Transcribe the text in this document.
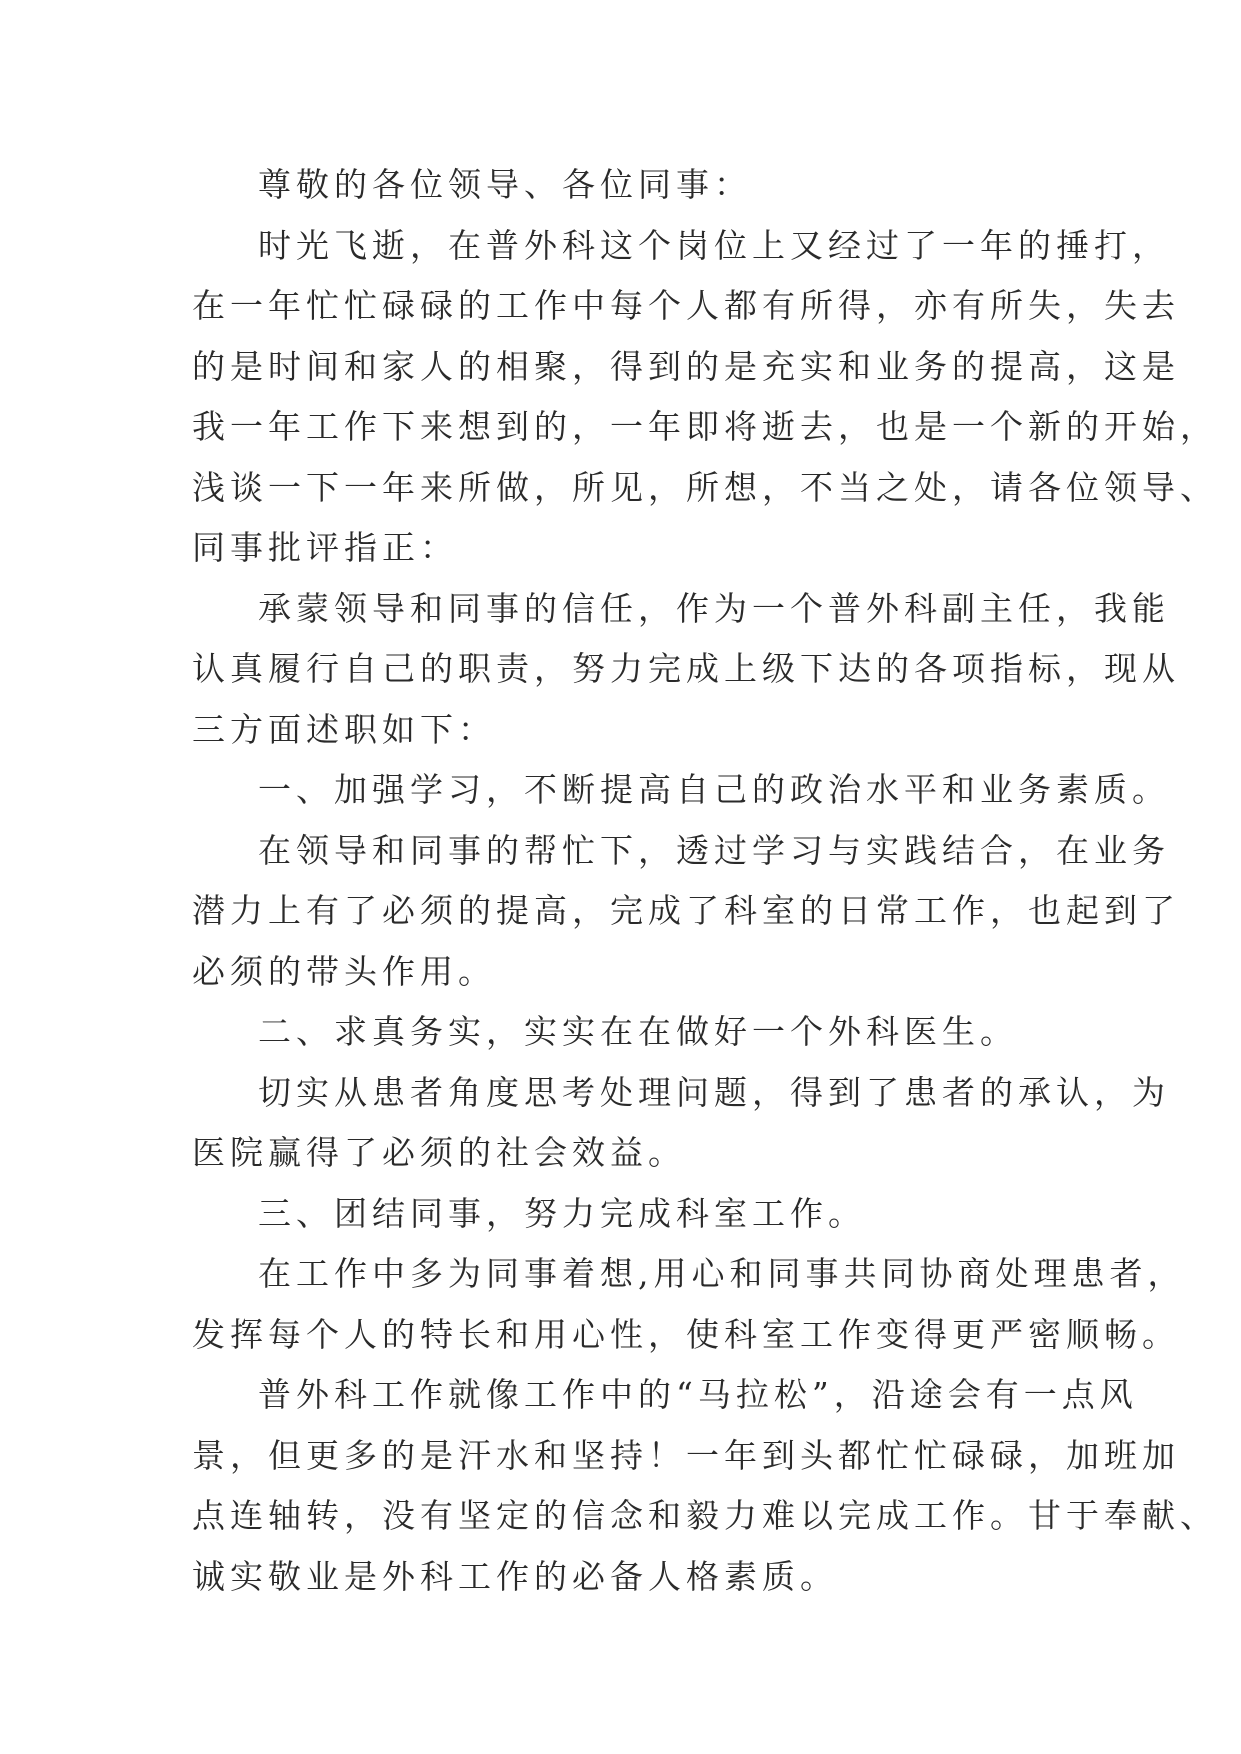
尊敬的各位领导、各位同事：

时光飞逝，在普外科这个岗位上又经过了一年的捶打，
在一年忙忙碌碌的工作中每个人都有所得，亦有所失，失去
的是时间和家人的相聚，得到的是充实和业务的提高，这是
我一年工作下来想到的，一年即将逝去，也是一个新的开始，
浅谈一下一年来所做，所见，所想，不当之处，请各位领导、
同事批评指正：

承蒙领导和同事的信任，作为一个普外科副主任，我能
认真履行自己的职责，努力完成上级下达的各项指标，现从
三方面述职如下：

一、加强学习，不断提高自己的政治水平和业务素质。

在领导和同事的帮忙下，透过学习与实践结合，在业务
潜力上有了必须的提高，完成了科室的日常工作，也起到了
必须的带头作用。

二、求真务实，实实在在做好一个外科医生。

切实从患者角度思考处理问题，得到了患者的承认，为
医院赢得了必须的社会效益。

三、团结同事，努力完成科室工作。

在工作中多为同事着想,用心和同事共同协商处理患者，
发挥每个人的特长和用心性，使科室工作变得更严密顺畅。

普外科工作就像工作中的“马拉松”，沿途会有一点风
景，但更多的是汗水和坚持！一年到头都忙忙碌碌，加班加
点连轴转，没有坚定的信念和毅力难以完成工作。甘于奉献、
诚实敬业是外科工作的必备人格素质。
